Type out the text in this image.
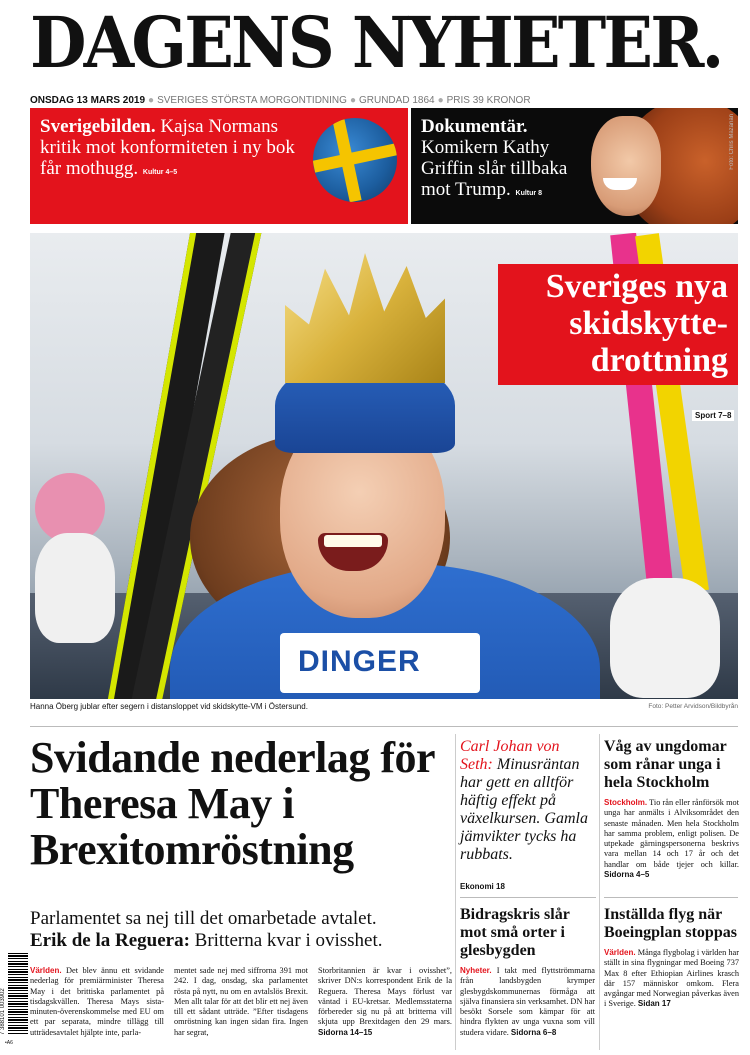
DAGENS NYHETER.
ONSDAG 13 MARS 2019 ● SVERIGES STÖRSTA MORGONTIDNING ● GRUNDAD 1864 ● PRIS 39 KRONOR
Sverigebilden. Kajsa Normans kritik mot konformiteten i ny bok får mothugg. Kultur 4–5
Dokumentär. Komikern Kathy Griffin slår tillbaka mot Trump. Kultur 8
Foto: Chris Mazarian
DINGER
Sveriges nya skidskytte-drottning
Sport 7–8
Hanna Öberg jublar efter segern i distansloppet vid skidskytte-VM i Östersund.	Foto: Petter Arvidson/Bildbyrån
Svidande nederlag för Theresa May i Brexitomröstning
Parlamentet sa nej till det omarbetade avtalet.
Erik de la Reguera: Britterna kvar i ovisshet.
Världen. Det blev ännu ett svidande nederlag för premiärminister Theresa May i det brittiska parlamentet på tisdagskvällen. Theresa Mays sista-minuten-överenskommelse med EU om ett par separata, mindre tillägg till utträdesavtalet hjälpte inte, parla-
mentet sade nej med siffrorna 391 mot 242. I dag, onsdag, ska parlamentet rösta på nytt, nu om en avtalslös Brexit. Men allt talar för att det blir ett nej även till ett sådant utträde. ”Efter tisdagens omröstning kan ingen sidan fira. Ingen har segrat,
Storbritannien är kvar i ovisshet”, skriver DN:s korrespondent Erik de la Reguera. Theresa Mays förlust var väntad i EU-kretsar. Medlemsstaterna förbereder sig nu på att britterna vill skjuta upp Brexitdagen den 29 mars. Sidorna 14–15
Carl Johan von Seth: Minusräntan har gett en alltför häftig effekt på växelkursen. Gamla jämvikter tycks ha rubbats.
Ekonomi 18
Bidragskris slår mot små orter i glesbygden

Nyheter. I takt med flyttströmmarna från landsbygden krymper glesbygdskommunernas förmåga att själva finansiera sin verksamhet. DN har besökt Sorsele som kämpar för att hindra flykten av unga vuxna som vill studera vidare. Sidorna 6–8

Våg av ungdomar som rånar unga i hela Stockholm

Stockholm. Tio rån eller rånförsök mot unga har anmälts i Alviksområdet den senaste månaden. Men hela Stockholm har samma problem, enligt polisen. De utpekade gärningspersonerna beskrivs vara mellan 14 och 17 år och det handlar om både tjejer och killar. Sidorna 4–5

Inställda flyg när Boeingplan stoppas

Världen. Många flygbolag i världen har ställt in sina flygningar med Boeing 737 Max 8 efter Ethiopian Airlines krasch där 157 människor omkom. Flera avgångar med Norwegian påverkas även i Sverige. Sidan 17

7 388101 003902
•A6
